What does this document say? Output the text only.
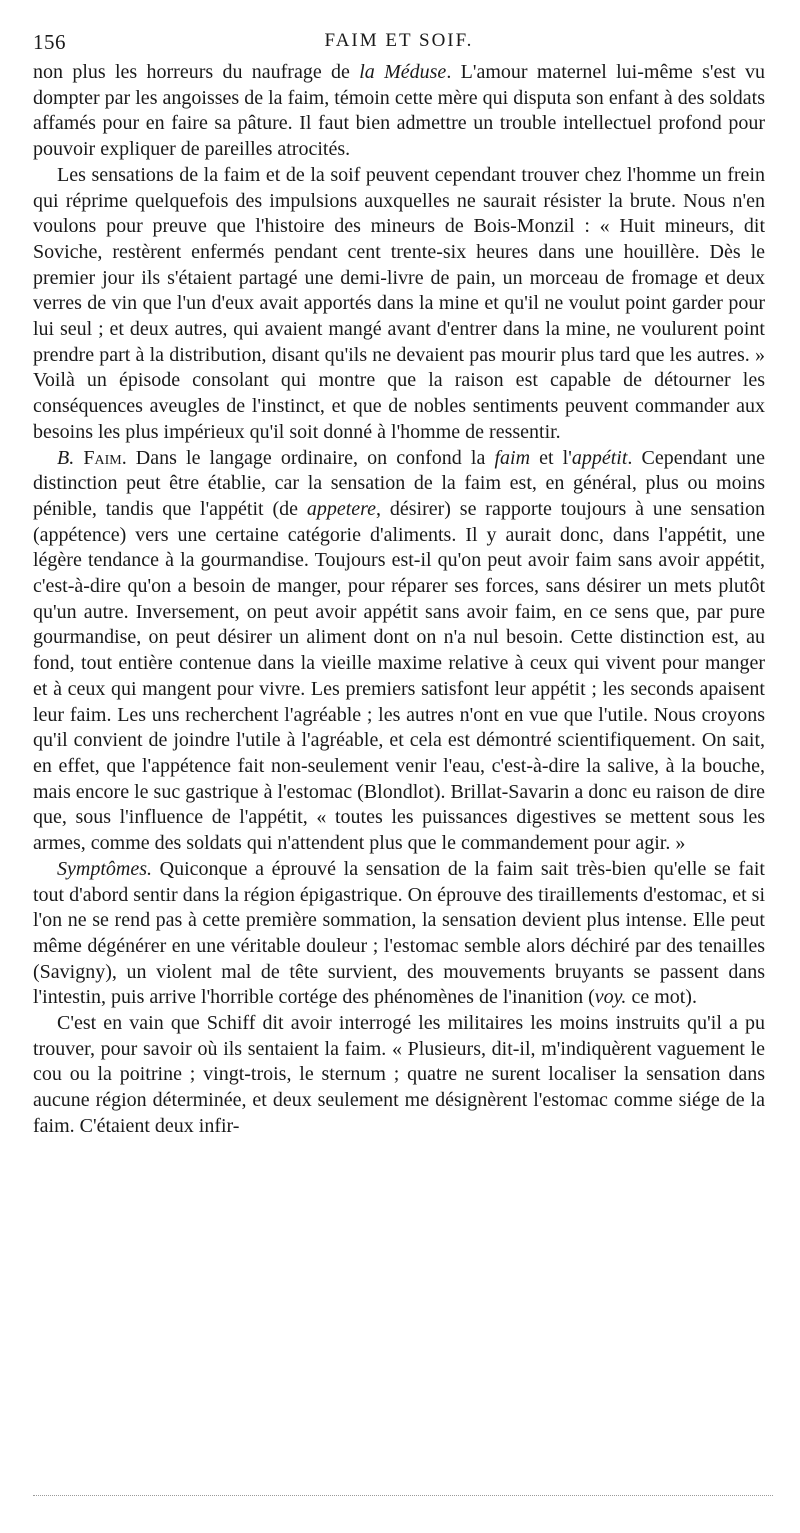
156	FAIM ET SOIF.

non plus les horreurs du naufrage de la Méduse. L'amour maternel lui-même s'est vu dompter par les angoisses de la faim, témoin cette mère qui disputa son enfant à des soldats affamés pour en faire sa pâture. Il faut bien admettre un trouble intellectuel profond pour pouvoir expliquer de pareilles atrocités.

Les sensations de la faim et de la soif peuvent cependant trouver chez l'homme un frein qui réprime quelquefois des impulsions auxquelles ne saurait résister la brute. Nous n'en voulons pour preuve que l'histoire des mineurs de Bois-Monzil : « Huit mineurs, dit Soviche, restèrent enfermés pendant cent trente-six heures dans une houillère. Dès le premier jour ils s'étaient partagé une demi-livre de pain, un morceau de fromage et deux verres de vin que l'un d'eux avait apportés dans la mine et qu'il ne voulut point garder pour lui seul ; et deux autres, qui avaient mangé avant d'entrer dans la mine, ne voulurent point prendre part à la distribution, disant qu'ils ne devaient pas mourir plus tard que les autres. » Voilà un épisode consolant qui montre que la raison est capable de détourner les conséquences aveugles de l'instinct, et que de nobles sentiments peuvent commander aux besoins les plus impérieux qu'il soit donné à l'homme de ressentir.

B. Faim. Dans le langage ordinaire, on confond la faim et l'appétit. Cependant une distinction peut être établie, car la sensation de la faim est, en général, plus ou moins pénible, tandis que l'appétit (de appetere, désirer) se rapporte toujours à une sensation (appétence) vers une certaine catégorie d'aliments. Il y aurait donc, dans l'appétit, une légère tendance à la gourmandise. Toujours est-il qu'on peut avoir faim sans avoir appétit, c'est-à-dire qu'on a besoin de manger, pour réparer ses forces, sans désirer un mets plutôt qu'un autre. Inversement, on peut avoir appétit sans avoir faim, en ce sens que, par pure gourmandise, on peut désirer un aliment dont on n'a nul besoin. Cette distinction est, au fond, tout entière contenue dans la vieille maxime relative à ceux qui vivent pour manger et à ceux qui mangent pour vivre. Les premiers satisfont leur appétit ; les seconds apaisent leur faim. Les uns recherchent l'agréable ; les autres n'ont en vue que l'utile. Nous croyons qu'il convient de joindre l'utile à l'agréable, et cela est démontré scientifiquement. On sait, en effet, que l'appétence fait non-seulement venir l'eau, c'est-à-dire la salive, à la bouche, mais encore le suc gastrique à l'estomac (Blondlot). Brillat-Savarin a donc eu raison de dire que, sous l'influence de l'appétit, « toutes les puissances digestives se mettent sous les armes, comme des soldats qui n'attendent plus que le commandement pour agir. »

Symptômes. Quiconque a éprouvé la sensation de la faim sait très-bien qu'elle se fait tout d'abord sentir dans la région épigastrique. On éprouve des tiraillements d'estomac, et si l'on ne se rend pas à cette première sommation, la sensation devient plus intense. Elle peut même dégénérer en une véritable douleur ; l'estomac semble alors déchiré par des tenailles (Savigny), un violent mal de tête survient, des mouvements bruyants se passent dans l'intestin, puis arrive l'horrible cortége des phénomènes de l'inanition (voy. ce mot).

C'est en vain que Schiff dit avoir interrogé les militaires les moins instruits qu'il a pu trouver, pour savoir où ils sentaient la faim. « Plusieurs, dit-il, m'indiquèrent vaguement le cou ou la poitrine ; vingt-trois, le sternum ; quatre ne surent localiser la sensation dans aucune région déterminée, et deux seulement me désignèrent l'estomac comme siége de la faim. C'étaient deux infir-
